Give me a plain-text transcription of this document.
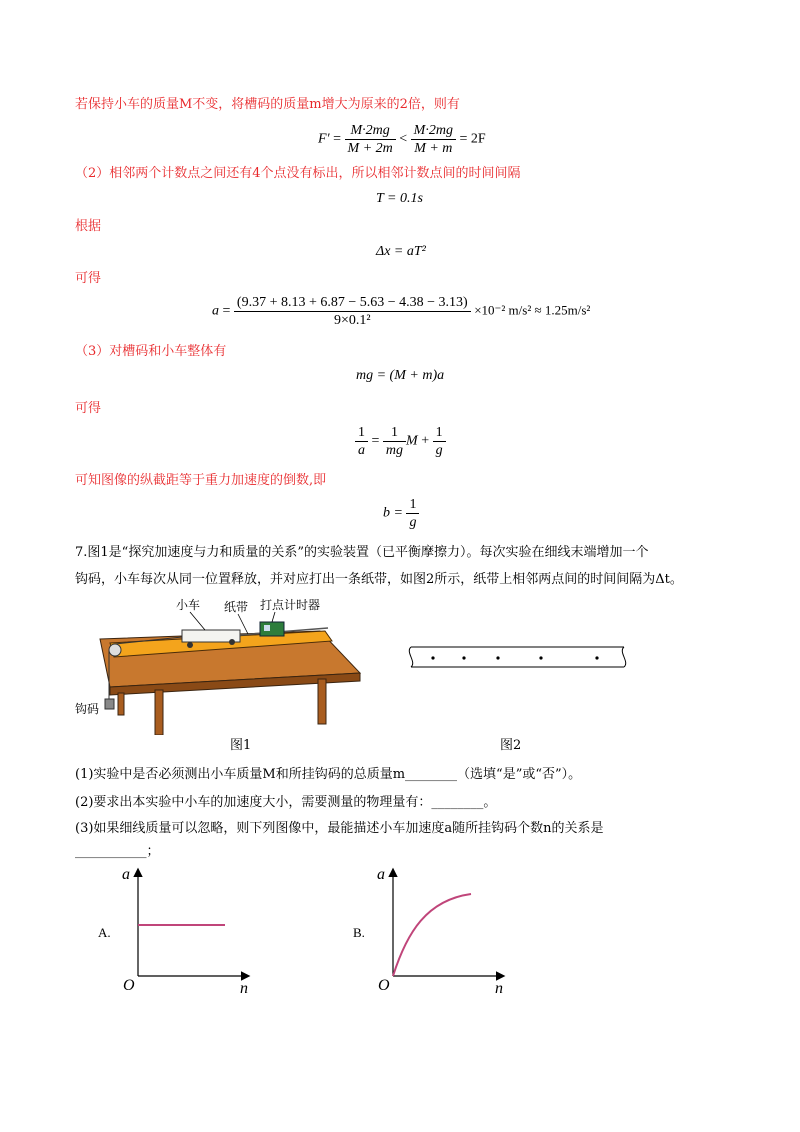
若保持小车的质量M不变，将槽码的质量m增大为原来的2倍，则有
$F' = \frac{M\cdot 2mg}{M + 2m} < \frac{M\cdot 2mg}{M + m} = 2F$
（2）相邻两个计数点之间还有4个点没有标出，所以相邻计数点间的时间间隔
T = 0.1s
根据
Δx = aT²
可得
$a = \frac{(9.37 + 8.13 + 6.87 - 5.63 - 4.38 - 3.13)}{\text{9×0.1²}} \times 10^{-2}$ m/s² ≈ 1.25m/s²
（3）对槽码和小车整体有
mg = (M + m)a
可得
$\frac{1}{a} = \frac{1}{mg}$ $M + \frac{1}{g}$
可知图像的纵截距等于重力加速度的倒数,即
$b = \frac{1}{g}$
7.图1是“探究加速度与力和质量的关系”的实验装置（已平衡摩擦力）。每次实验在细线末端增加一个
钩码，小车每次从同一位置释放，并对应打出一条纸带，如图2所示，纸带上相邻两点间的时间间隔为Δt。
小车 纸带 打点计时器
钩码
图1	图2
(1)实验中是否必须测出小车质量M和所挂钩码的总质量m________（选填“是”或“否”）。
(2)要求出本实验中小车的加速度大小，需要测量的物理量有：________。
(3)如果细线质量可以忽略，则下列图像中，最能描述小车加速度a随所挂钩码个数n的关系是
___________；
a
n
O
A.
a
n
O
B.
